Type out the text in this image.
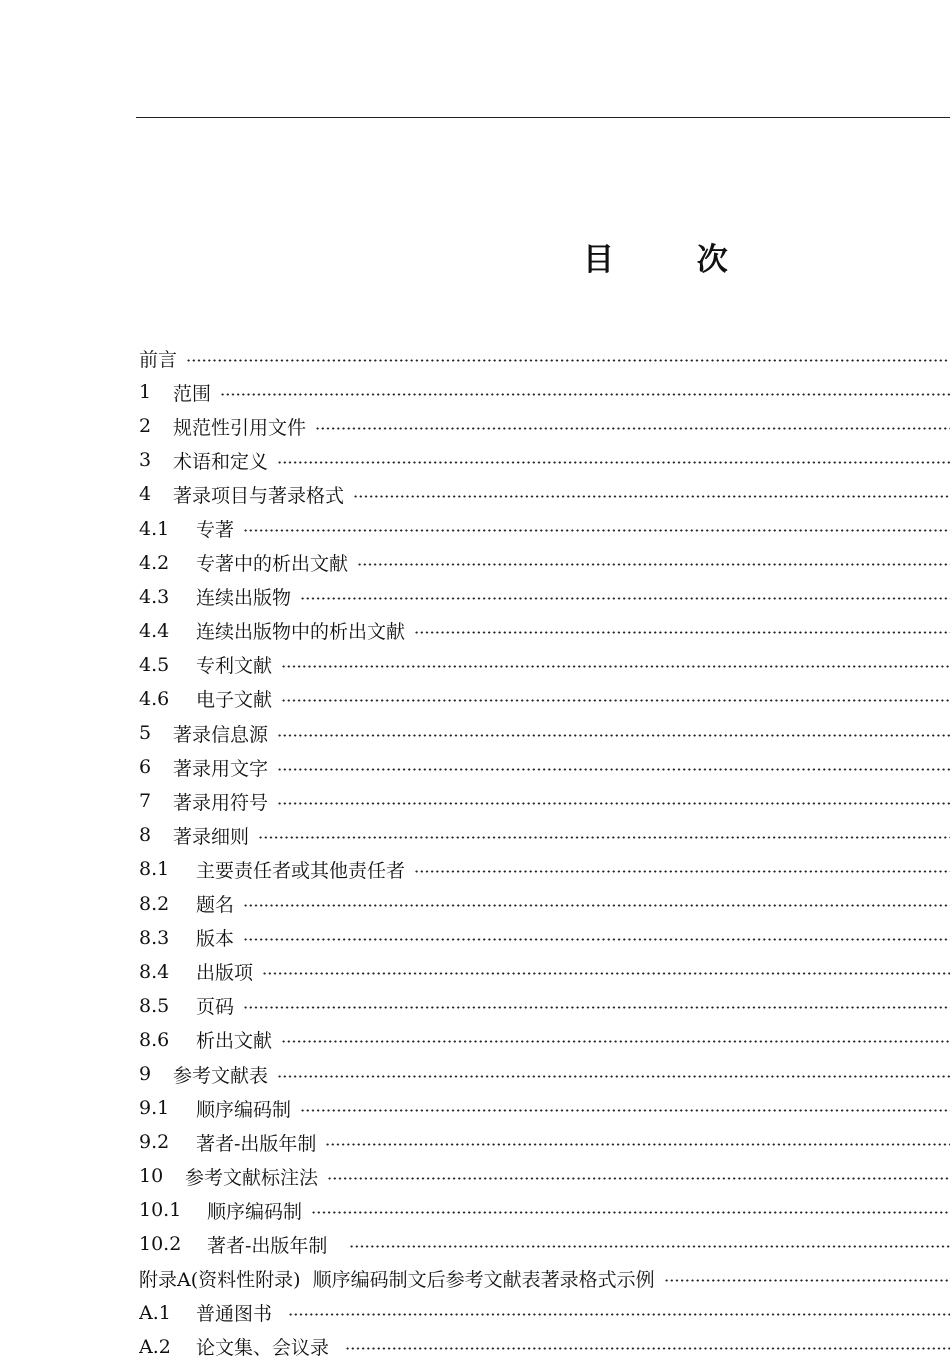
目 次
前言
1	范围
2	规范性引用文件
3	术语和定义
4	著录项目与著录格式
4.1	专著
4.2	专著中的析出文献
4.3	连续出版物
4.4	连续出版物中的析出文献
4.5	专利文献
4.6	电子文献
5	著录信息源
6	著录用文字
7	著录用符号
8	著录细则
8.1	主要责任者或其他责任者
8.2	题名
8.3	版本
8.4	出版项
8.5	页码
8.6	析出文献
9	参考文献表
9.1	顺序编码制
9.2	著者-出版年制
10	参考文献标注法
10.1	顺序编码制
10.2	著者-出版年制
附录A(资料性附录)  顺序编码制文后参考文献表著录格式示例
A.1	普通图书
A.2	论文集、会议录
